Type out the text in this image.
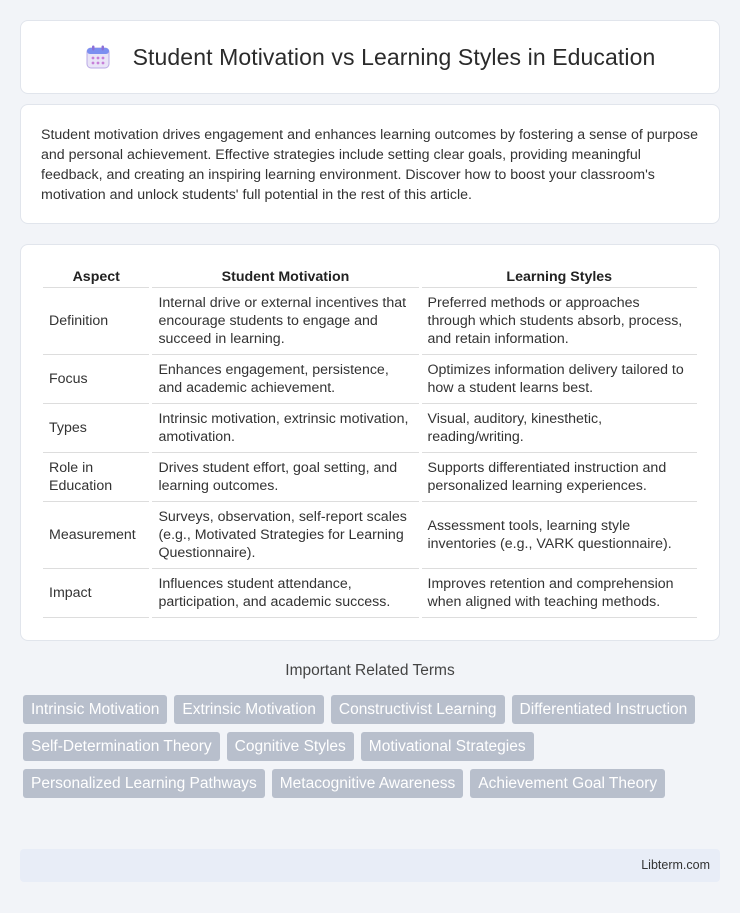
Student Motivation vs Learning Styles in Education

Student motivation drives engagement and enhances learning outcomes by fostering a sense of purpose and personal achievement. Effective strategies include setting clear goals, providing meaningful feedback, and creating an inspiring learning environment. Discover how to boost your classroom's motivation and unlock students' full potential in the rest of this article.

Aspect	Student Motivation	Learning Styles
Definition	Internal drive or external incentives that encourage students to engage and succeed in learning.	Preferred methods or approaches through which students absorb, process, and retain information.
Focus	Enhances engagement, persistence, and academic achievement.	Optimizes information delivery tailored to how a student learns best.
Types	Intrinsic motivation, extrinsic motivation, amotivation.	Visual, auditory, kinesthetic, reading/writing.
Role in Education	Drives student effort, goal setting, and learning outcomes.	Supports differentiated instruction and personalized learning experiences.
Measurement	Surveys, observation, self-report scales (e.g., Motivated Strategies for Learning Questionnaire).	Assessment tools, learning style inventories (e.g., VARK questionnaire).
Impact	Influences student attendance, participation, and academic success.	Improves retention and comprehension when aligned with teaching methods.
Important Related Terms
Intrinsic Motivation	Extrinsic Motivation	Constructivist Learning	Differentiated Instruction
Self-Determination Theory	Cognitive Styles	Motivational Strategies
Personalized Learning Pathways	Metacognitive Awareness	Achievement Goal Theory
Libterm.com
